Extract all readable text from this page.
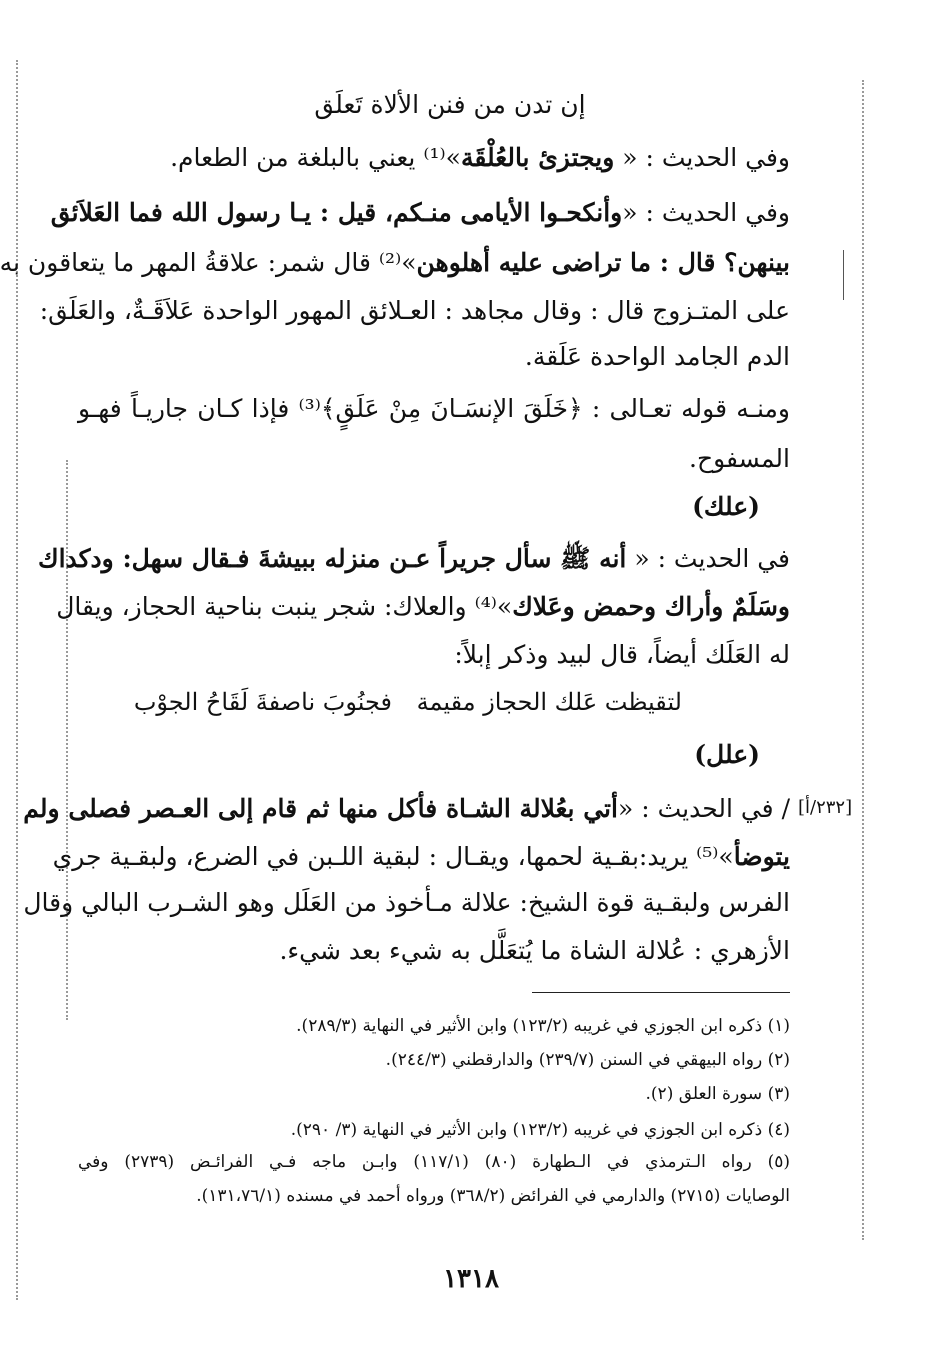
إن تدن من فنن الألاة تَعلَق
وفي الحديث : « ويجتزئ بالعُلْقَة»⁽¹⁾ يعني بالبلغة من الطعام.
وفي الحديث : «وأنكحـوا الأيامى منـكم، قيل : يـا رسول الله فما العَلاَئق
بينهن؟ قال : ما تراضى عليه أهلوهن»⁽²⁾ قال شمر: علاقةُ المهر ما يتعاقون به
على المتـزوج قال : وقال مجاهد : العـلائق المهور الواحدة عَلاَقَـةٌ، والعَلَق:
الدم الجامد الواحدة عَلَقة.
ومنـه قوله تعـالى : ﴿خَلَقَ الإنسَـانَ مِنْ عَلَقٍ﴾⁽³⁾ فإذا كـان جاريـاً فهـو
المسفوح.
(علك)
في الحديث : « أنه ﷺ سأل جريراً عـن منزله ببيشةَ فـقال سهل: ودكداك
وسَلَمٌ وأراك وحمض وعَلاك»⁽⁴⁾ والعلاك: شجر ينبت بناحية الحجاز، ويقال
له العَلَك أيضاً، قال لبيد وذكر إبلاً:
لتقيظت عَلك الحجاز مقيمة
فجنُوبَ ناصفةَ لَقَاحُ الجوْب
(علل)
[٢٣٢/أ]
/ في الحديث : «أتي بعُلالة الشـاة فأكل منها ثم قام إلى العـصر فصلى ولم
يتوضأ»⁽⁵⁾ يريد:بقـية لحمها، ويقـال : لبقية اللـبن في الضرع، ولبقـية جري
الفرس ولبقـية قوة الشيخ: علالة مـأخوذ من العَلَل وهو الشـرب البالي وقال
الأزهري : عُلالة الشاة ما يُتعَلَّل به شيء بعد شيء.
(١) ذكره ابن الجوزي في غريبه (١٢٣/٢) وابن الأثير في النهاية (٢٨٩/٣).
(٢) رواه البيهقي في السنن (٢٣٩/٧) والدارقطني (٢٤٤/٣).
(٣) سورة العلق (٢).
(٤) ذكره ابن الجوزي في غريبه (١٢٣/٢) وابن الأثير في النهاية (٣/ ٢٩٠).
(٥) رواه الـترمذي في الـطهارة (٨٠) (١١٧/١) وابـن ماجه فـي الفرائـض (٢٧٣٩) وفي
الوصايات (٢٧١٥) والدارمي في الفرائض (٣٦٨/٢) ورواه أحمد في مسنده (١٣١،٧٦/١).
١٣١٨
